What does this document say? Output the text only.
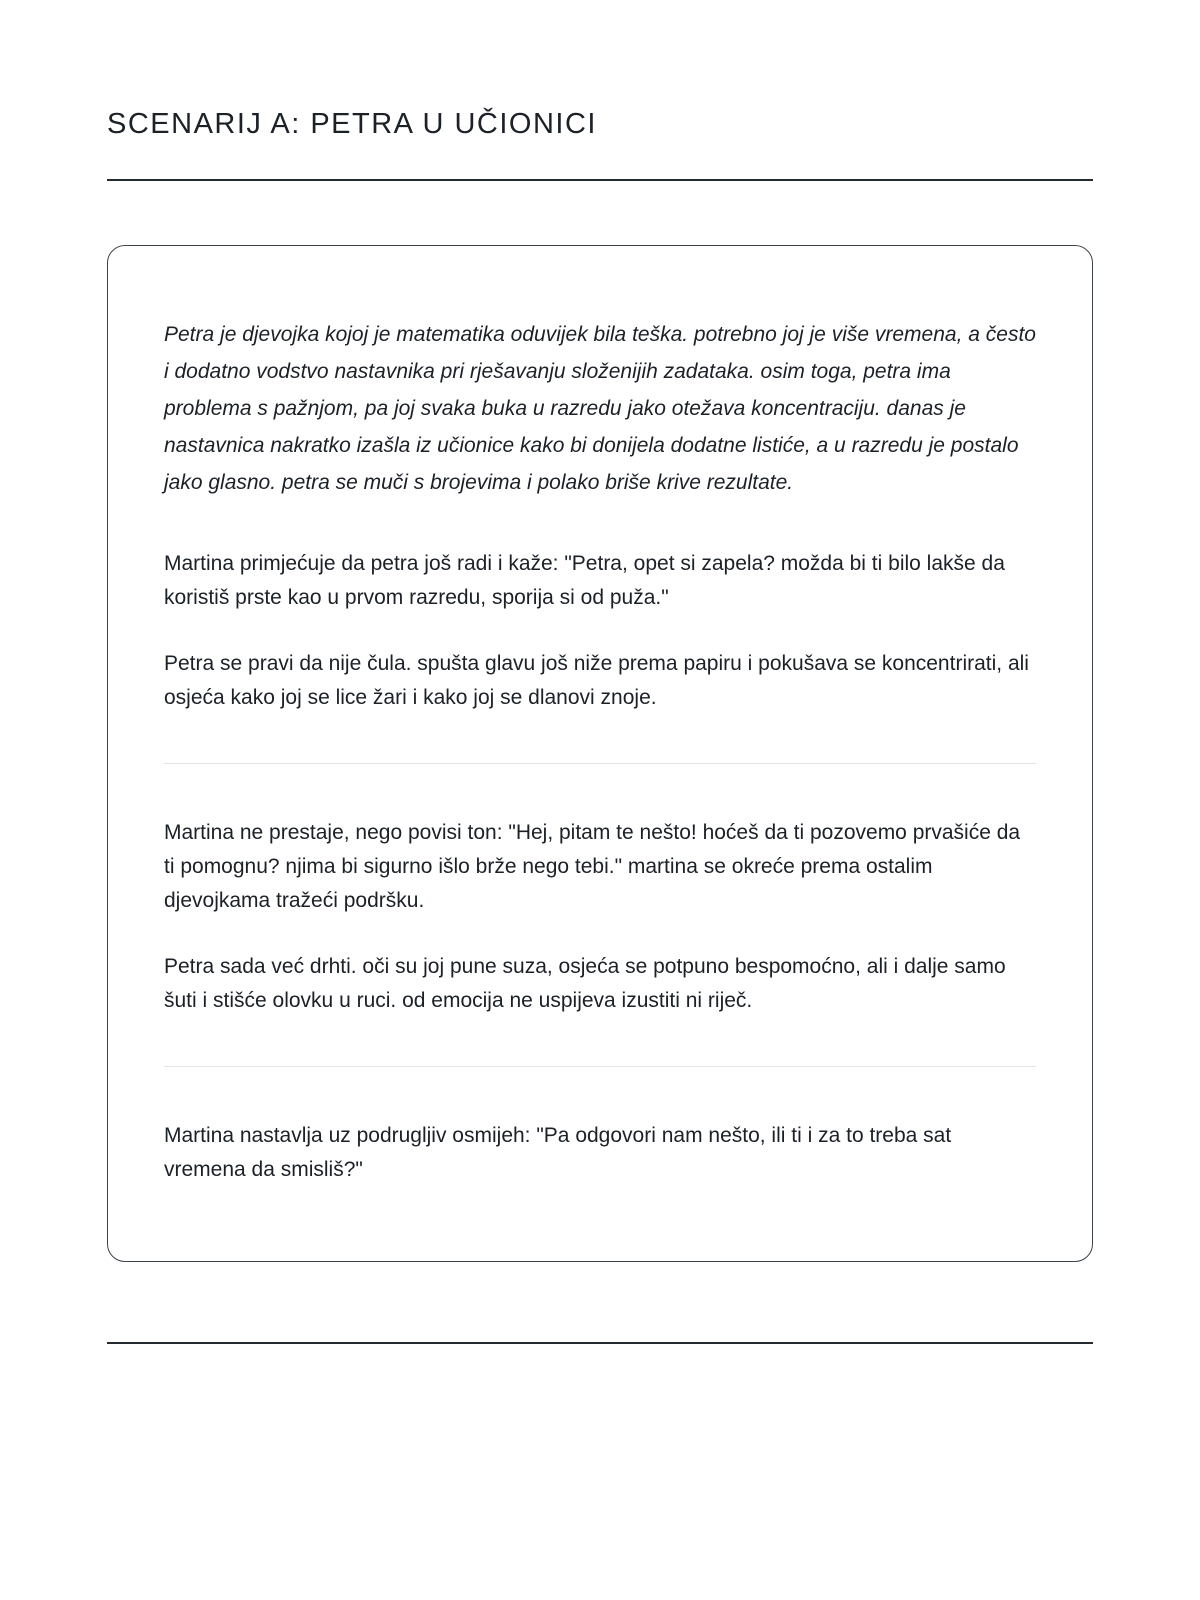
SCENARIJ A: PETRA U UČIONICI

Petra je djevojka kojoj je matematika oduvijek bila teška. potrebno joj je više vremena, a često i dodatno vodstvo nastavnika pri rješavanju složenijih zadataka. osim toga, petra ima problema s pažnjom, pa joj svaka buka u razredu jako otežava koncentraciju. danas je nastavnica nakratko izašla iz učionice kako bi donijela dodatne listiće, a u razredu je postalo jako glasno. petra se muči s brojevima i polako briše krive rezultate.

Martina primjećuje da petra još radi i kaže: "Petra, opet si zapela? možda bi ti bilo lakše da koristiš prste kao u prvom razredu, sporija si od puža."

Petra se pravi da nije čula. spušta glavu još niže prema papiru i pokušava se koncentrirati, ali osjeća kako joj se lice žari i kako joj se dlanovi znoje.

Martina ne prestaje, nego povisi ton: "Hej, pitam te nešto! hoćeš da ti pozovemo prvašiće da ti pomognu? njima bi sigurno išlo brže nego tebi." martina se okreće prema ostalim djevojkama tražeći podršku.

Petra sada već drhti. oči su joj pune suza, osjeća se potpuno bespomoćno, ali i dalje samo šuti i stišće olovku u ruci. od emocija ne uspijeva izustiti ni riječ.

Martina nastavlja uz podrugljiv osmijeh: "Pa odgovori nam nešto, ili ti i za to treba sat vremena da smisliš?"
